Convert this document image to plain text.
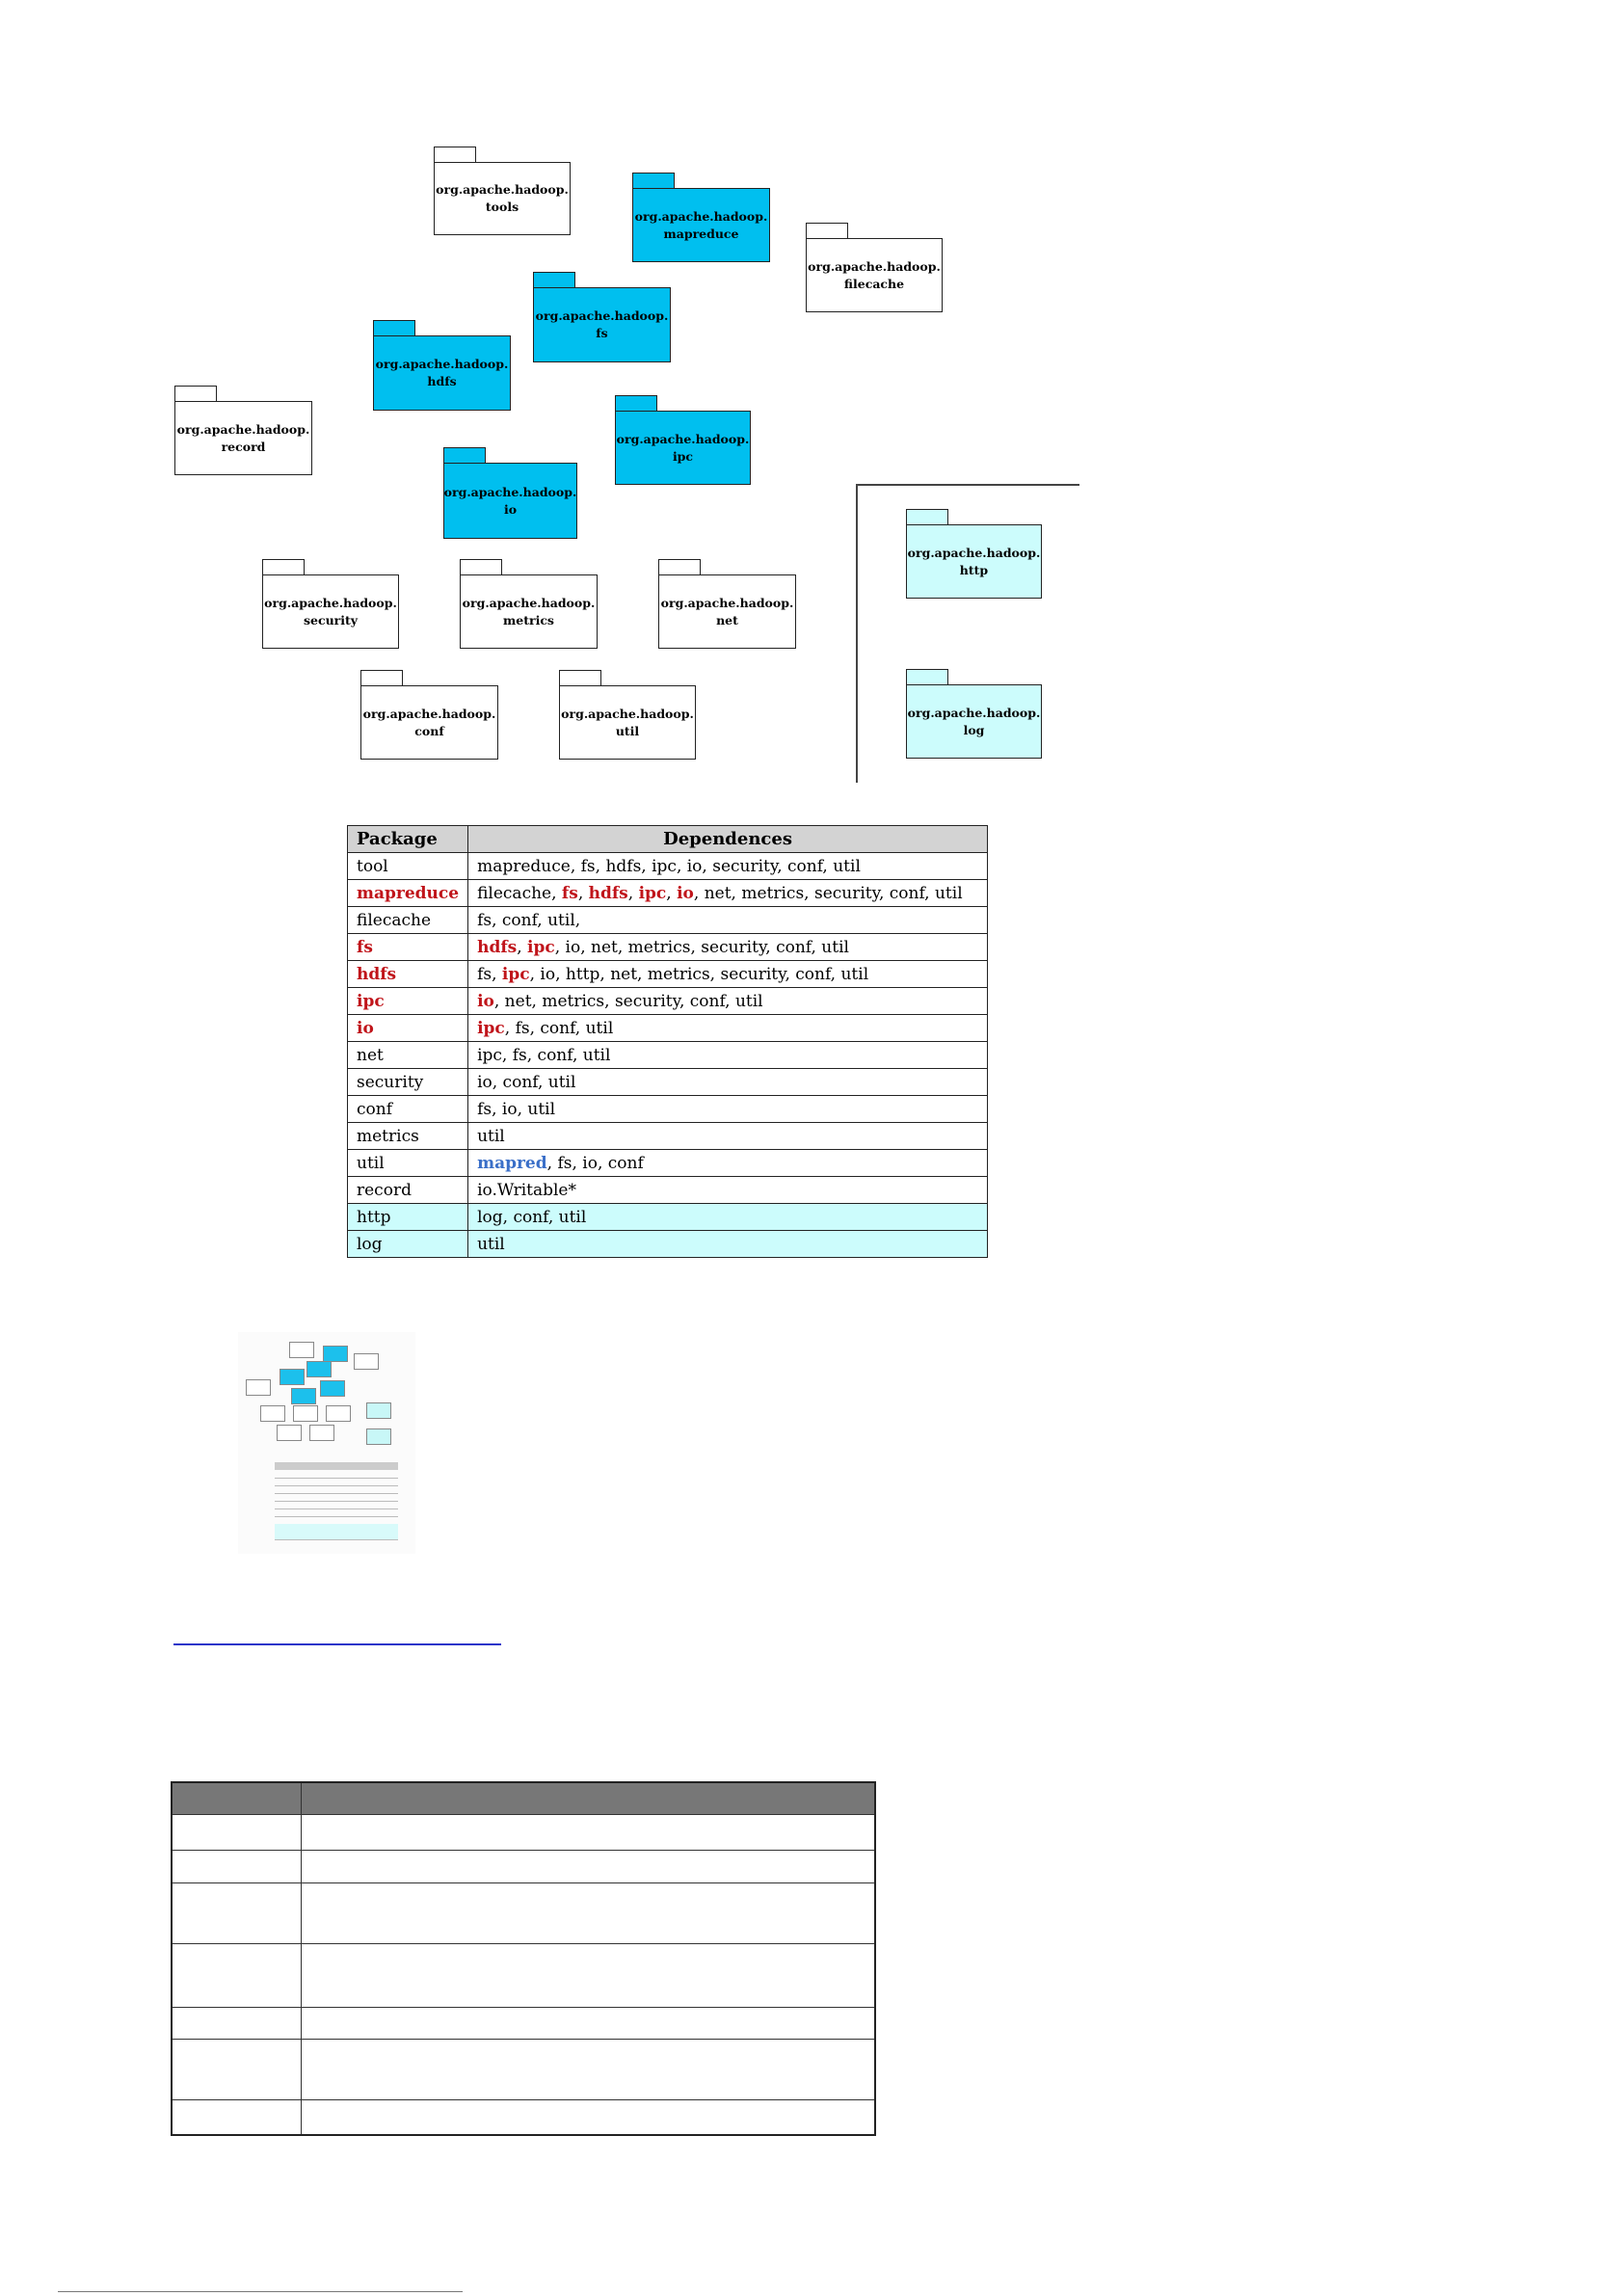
org.apache.hadoop.
tools
org.apache.hadoop.
mapreduce
org.apache.hadoop.
filecache
org.apache.hadoop.
fs
org.apache.hadoop.
hdfs
org.apache.hadoop.
record
org.apache.hadoop.
ipc
org.apache.hadoop.
io
org.apache.hadoop.
security
org.apache.hadoop.
metrics
org.apache.hadoop.
net
org.apache.hadoop.
conf
org.apache.hadoop.
util
org.apache.hadoop.
http
org.apache.hadoop.
log
Package	Dependences
tool	mapreduce, fs, hdfs, ipc, io, security, conf, util
mapreduce	filecache, fs, hdfs, ipc, io, net, metrics, security, conf, util
filecache	fs, conf, util,
fs	hdfs, ipc, io, net, metrics, security, conf, util
hdfs	fs, ipc, io, http, net, metrics, security, conf, util
ipc	io, net, metrics, security, conf, util
io	ipc, fs, conf, util
net	ipc, fs, conf, util
security	io, conf, util
conf	fs, io, util
metrics	util
util	mapred, fs, io, conf
record	io.Writable*
http	log, conf, util
log	util
